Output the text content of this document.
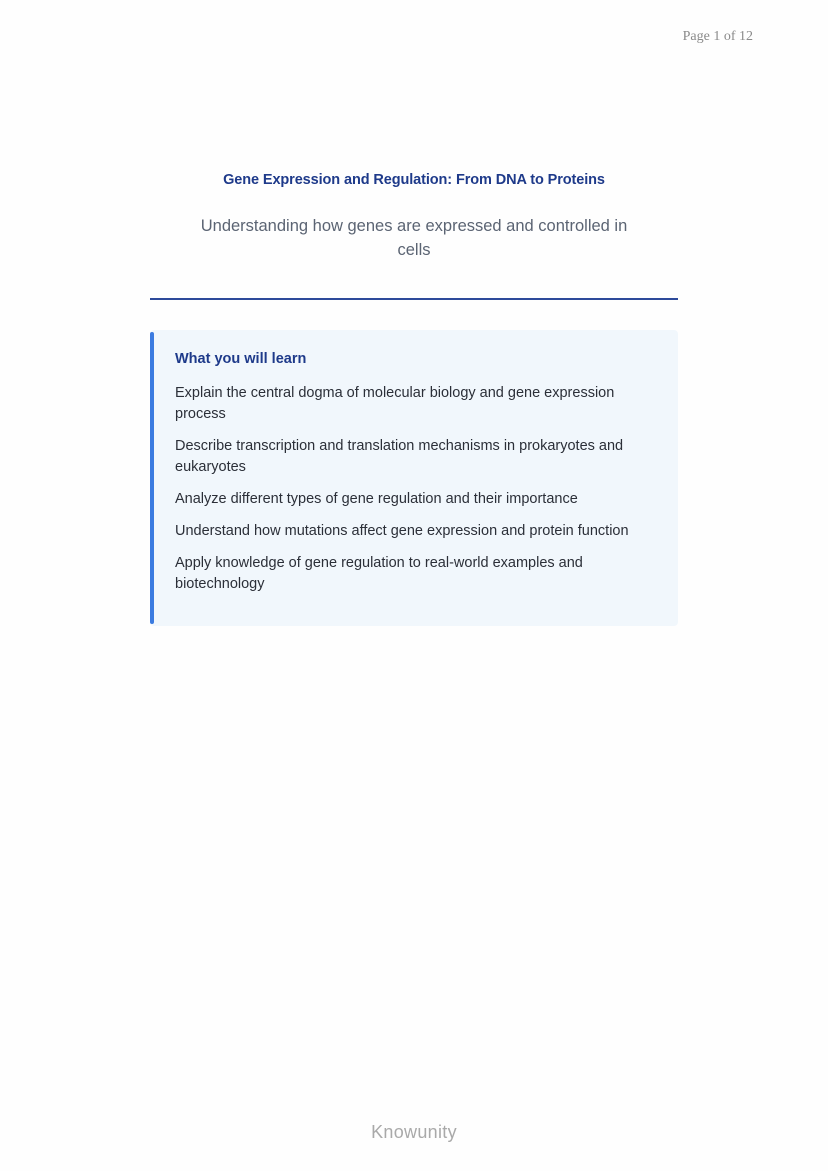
Page 1 of 12
Gene Expression and Regulation: From DNA to Proteins
Understanding how genes are expressed and controlled in cells
What you will learn
Explain the central dogma of molecular biology and gene expression process
Describe transcription and translation mechanisms in prokaryotes and eukaryotes
Analyze different types of gene regulation and their importance
Understand how mutations affect gene expression and protein function
Apply knowledge of gene regulation to real-world examples and biotechnology
Knowunity
